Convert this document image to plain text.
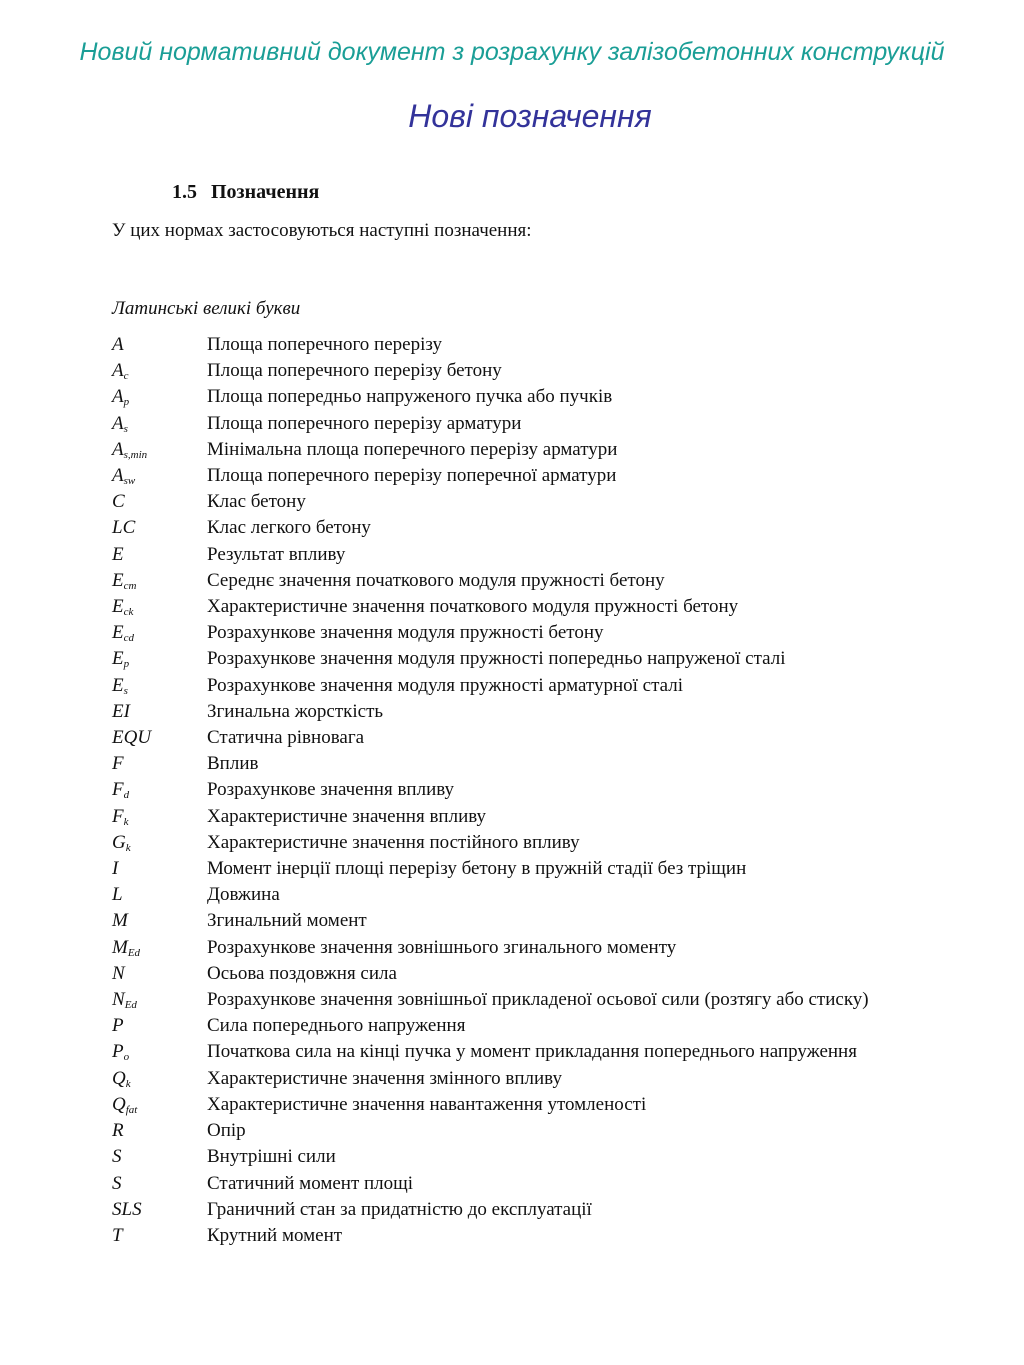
Новий нормативний документ з розрахунку залізобетонних конструкцій
Нові позначення
1.5 Позначення
У цих нормах застосовуються наступні позначення:
Латинські великі букви
A	Площа поперечного перерізу
$A_c$	Площа поперечного перерізу бетону
$A_p$	Площа попередньо напруженого пучка або пучків
$A_s$	Площа поперечного перерізу арматури
$A_{s,min}$	Мінімальна площа поперечного перерізу арматури
$A_{sw}$	Площа поперечного перерізу поперечної арматури
C	Клас бетону
LC	Клас легкого бетону
E	Результат впливу
$E_{cm}$	Середнє значення початкового модуля пружності бетону
$E_{ck}$	Характеристичне значення початкового модуля пружності бетону
$E_{cd}$	Розрахункове значення модуля пружності бетону
$E_p$	Розрахункове значення модуля пружності попередньо напруженої сталі
$E_s$	Розрахункове значення модуля пружності арматурної сталі
EI	Згинальна жорсткість
EQU	Статична рівновага
F	Вплив
$F_d$	Розрахункове значення впливу
$F_k$	Характеристичне значення впливу
$G_k$	Характеристичне значення постійного впливу
I	Момент інерції площі перерізу бетону в пружній стадії без тріщин
L	Довжина
M	Згинальний момент
$M_{Ed}$	Розрахункове значення зовнішнього згинального моменту
N	Осьова поздовжня сила
$N_{Ed}$	Розрахункове значення зовнішньої прикладеної осьової сили (розтягу або стиску)
P	Сила попереднього напруження
$P_o$	Початкова сила на кінці пучка у момент прикладання попереднього напруження
$Q_k$	Характеристичне значення змінного впливу
$Q_{fat}$	Характеристичне значення навантаження утомленості
R	Опір
S	Внутрішні сили
S	Статичний момент площі
SLS	Граничний стан за придатністю до експлуатації
T	Крутний момент
